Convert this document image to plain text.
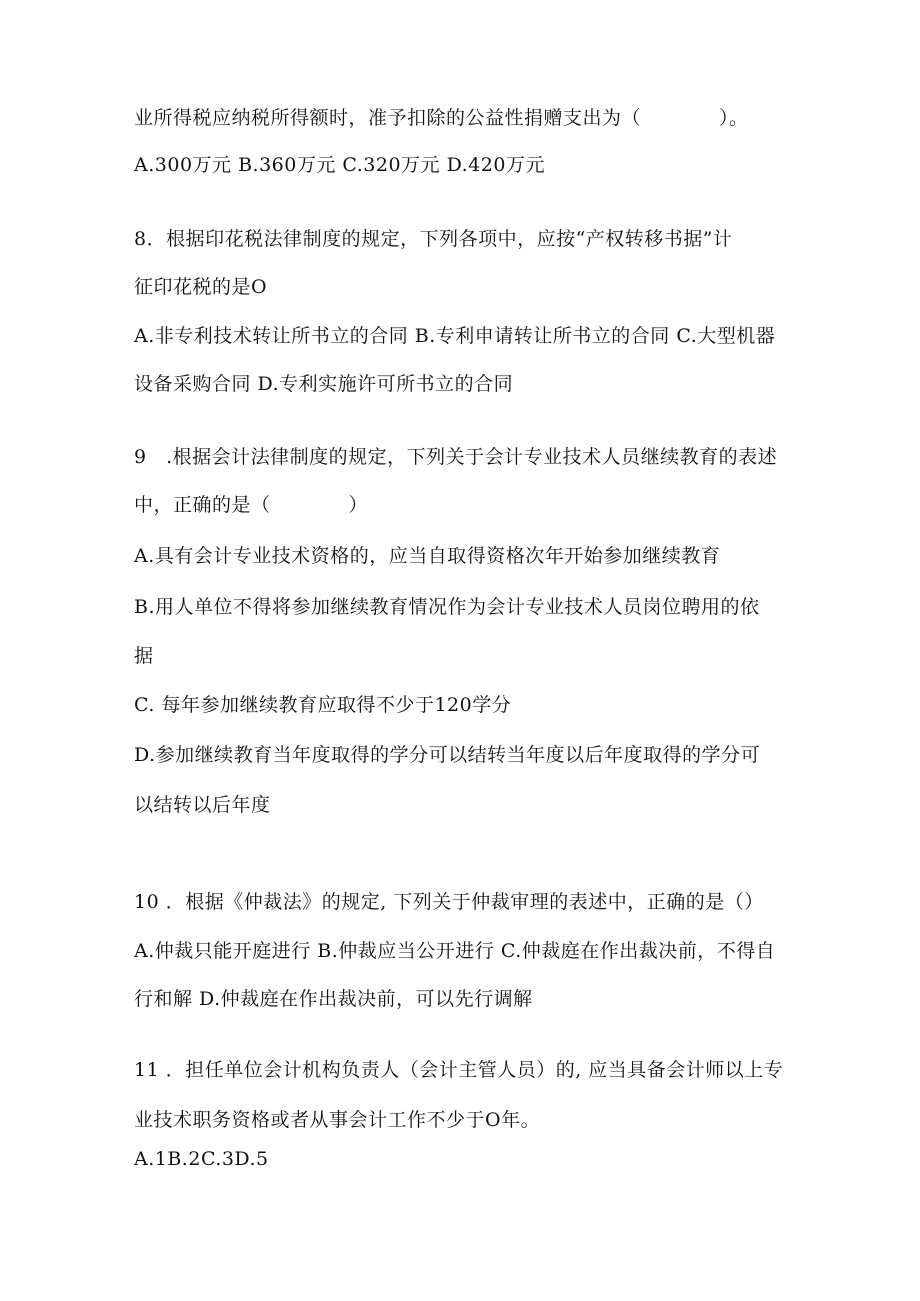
业所得税应纳税所得额时，准予扣除的公益性捐赠支出为（　　　　）。
A.300万元 B.360万元 C.320万元 D.420万元
8．根据印花税法律制度的规定，下列各项中，应按“产权转移书据”计
征印花税的是O
A.非专利技术转让所书立的合同 B.专利申请转让所书立的合同 C.大型机器
设备采购合同 D.专利实施许可所书立的合同
9　.根据会计法律制度的规定，下列关于会计专业技术人员继续教育的表述
中，正确的是（　　　　）
A.具有会计专业技术资格的，应当自取得资格次年开始参加继续教育
B.用人单位不得将参加继续教育情况作为会计专业技术人员岗位聘用的依
据
C. 每年参加继续教育应取得不少于120学分
D.参加继续教育当年度取得的学分可以结转当年度以后年度取得的学分可
以结转以后年度
10 ．根据《仲裁法》的规定, 下列关于仲裁审理的表述中，正确的是（）
A.仲裁只能开庭进行 B.仲裁应当公开进行 C.仲裁庭在作出裁决前，不得自
行和解 D.仲裁庭在作出裁决前，可以先行调解
11 ．担任单位会计机构负责人（会计主管人员）的, 应当具备会计师以上专
业技术职务资格或者从事会计工作不少于O年。
A.1B.2C.3D.5
